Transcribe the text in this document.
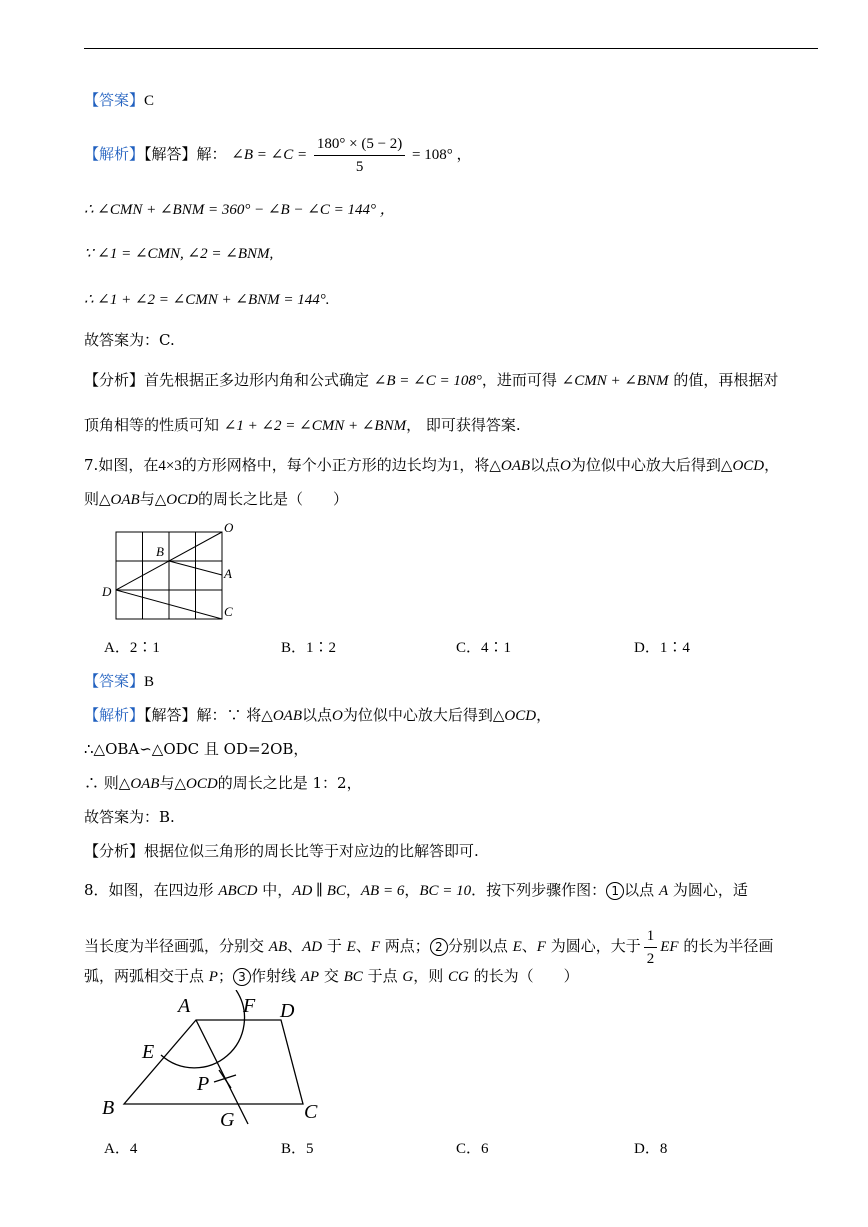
【答案】C
【解析】【解答】解： ∠B = ∠C = $\frac{180^\circ \times (5 - 2)}{5} = 108^\circ$ ，
∴ ∠CMN + ∠BNM = 360° − ∠B − ∠C = 144° ，
∵ ∠1 = ∠CMN, ∠2 = ∠BNM,
∴ ∠1 + ∠2 = ∠CMN + ∠BNM = 144°.
故答案为：C.
【分析】首先根据正多边形内角和公式确定 ∠B = ∠C = 108°，进而可得 ∠CMN + ∠BNM 的值，再根据对
顶角相等的性质可知 ∠1 + ∠2 = ∠CMN + ∠BNM， 即可获得答案.
7.如图，在4×3的方形网格中，每个小正方形的边长均为1，将△OAB以点O为位似中心放大后得到△OCD，
则△OAB与△OCD的周长之比是（　　）
O
B
A
D
C
A．2∶1	B．1∶2	C．4∶1	D．1∶4
【答案】B
【解析】【解答】解：∵ 将△OAB以点O为位似中心放大后得到△OCD，
∴△OBA∽△ODC 且 OD=2OB，
∴ 则△OAB与△OCD的周长之比是 1：2，
故答案为：B.
【分析】根据位似三角形的周长比等于对应边的比解答即可.
8．如图，在四边形 ABCD 中，AD ∥ BC，AB = 6，BC = 10．按下列步骤作图： 1 以点 A 为圆心，适
当长度为半径画弧，分别交 AB、AD 于 E、F 两点； 2 分别以点 E、F 为圆心，大于 $\frac{1}{2}$ EF 的长为半径画
弧，两弧相交于点 P； 3 作射线 AP 交 BC 于点 G，则 CG 的长为（　　）
A	F D
E
P
B	C
G
A．4	B．5	C．6	D．8
